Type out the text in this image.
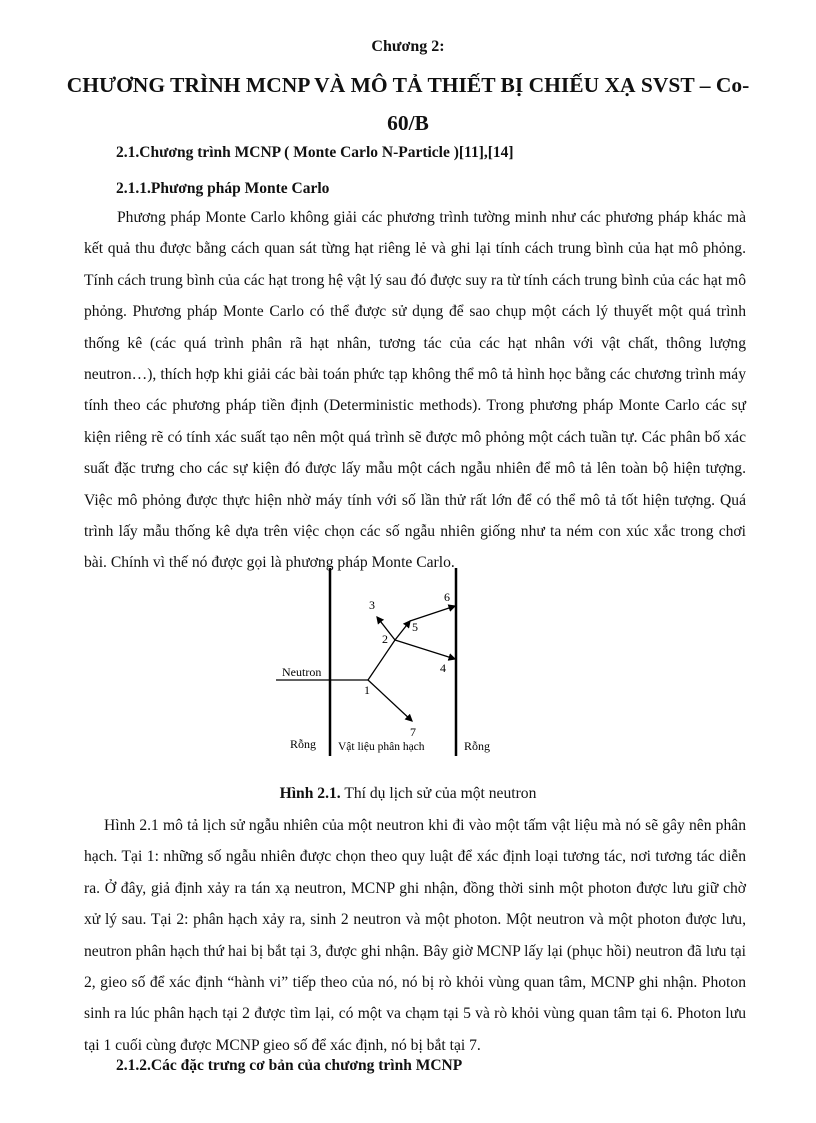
Chương 2:
CHƯƠNG TRÌNH MCNP VÀ MÔ TẢ THIẾT BỊ CHIẾU XẠ SVST – Co-60/B
2.1.Chương trình MCNP ( Monte Carlo N-Particle )[11],[14]
2.1.1.Phương pháp Monte Carlo

Phương pháp Monte Carlo không giải các phương trình tường minh như các phương pháp khác mà kết quả thu được bằng cách quan sát từng hạt riêng lẻ và ghi lại tính cách trung bình của hạt mô phỏng. Tính cách trung bình của các hạt trong hệ vật lý sau đó được suy ra từ tính cách trung bình của các hạt mô phỏng. Phương pháp Monte Carlo có thể được sử dụng để sao chụp một cách lý thuyết một quá trình thống kê (các quá trình phân rã hạt nhân, tương tác của các hạt nhân với vật chất, thông lượng neutron…), thích hợp khi giải các bài toán phức tạp không thể mô tả hình học bằng các chương trình máy tính theo các phương pháp tiền định (Deterministic methods). Trong phương pháp Monte Carlo các sự kiện riêng rẽ có tính xác suất tạo nên một quá trình sẽ được mô phỏng một cách tuần tự. Các phân bố xác suất đặc trưng cho các sự kiện đó được lấy mẫu một cách ngẫu nhiên để mô tả lên toàn bộ hiện tượng. Việc mô phỏng được thực hiện nhờ máy tính với số lần thử rất lớn để có thể mô tả tốt hiện tượng. Quá trình lấy mẫu thống kê dựa trên việc chọn các số ngẫu nhiên giống như ta ném con xúc xắc trong chơi bài. Chính vì thế nó được gọi là phương pháp Monte Carlo.

Neutron
1
2
3
4
5
6
7
Rỗng Vật liệu phân hạch	Rỗng
Hình 2.1. Thí dụ lịch sử của một neutron

Hình 2.1 mô tả lịch sử ngẫu nhiên của một neutron khi đi vào một tấm vật liệu mà nó sẽ gây nên phân hạch. Tại 1: những số ngẫu nhiên được chọn theo quy luật để xác định loại tương tác, nơi tương tác diễn ra. Ở đây, giả định xảy ra tán xạ neutron, MCNP ghi nhận, đồng thời sinh một photon được lưu giữ chờ xử lý sau. Tại 2: phân hạch xảy ra, sinh 2 neutron và một photon. Một neutron và một photon được lưu, neutron phân hạch thứ hai bị bắt tại 3, được ghi nhận. Bây giờ MCNP lấy lại (phục hồi) neutron đã lưu tại 2, gieo số để xác định “hành vi” tiếp theo của nó, nó bị rò khỏi vùng quan tâm, MCNP ghi nhận. Photon sinh ra lúc phân hạch tại 2 được tìm lại, có một va chạm tại 5 và rò khỏi vùng quan tâm tại 6. Photon lưu tại 1 cuối cùng được MCNP gieo số để xác định, nó bị bắt tại 7.

2.1.2.Các đặc trưng cơ bản của chương trình MCNP
